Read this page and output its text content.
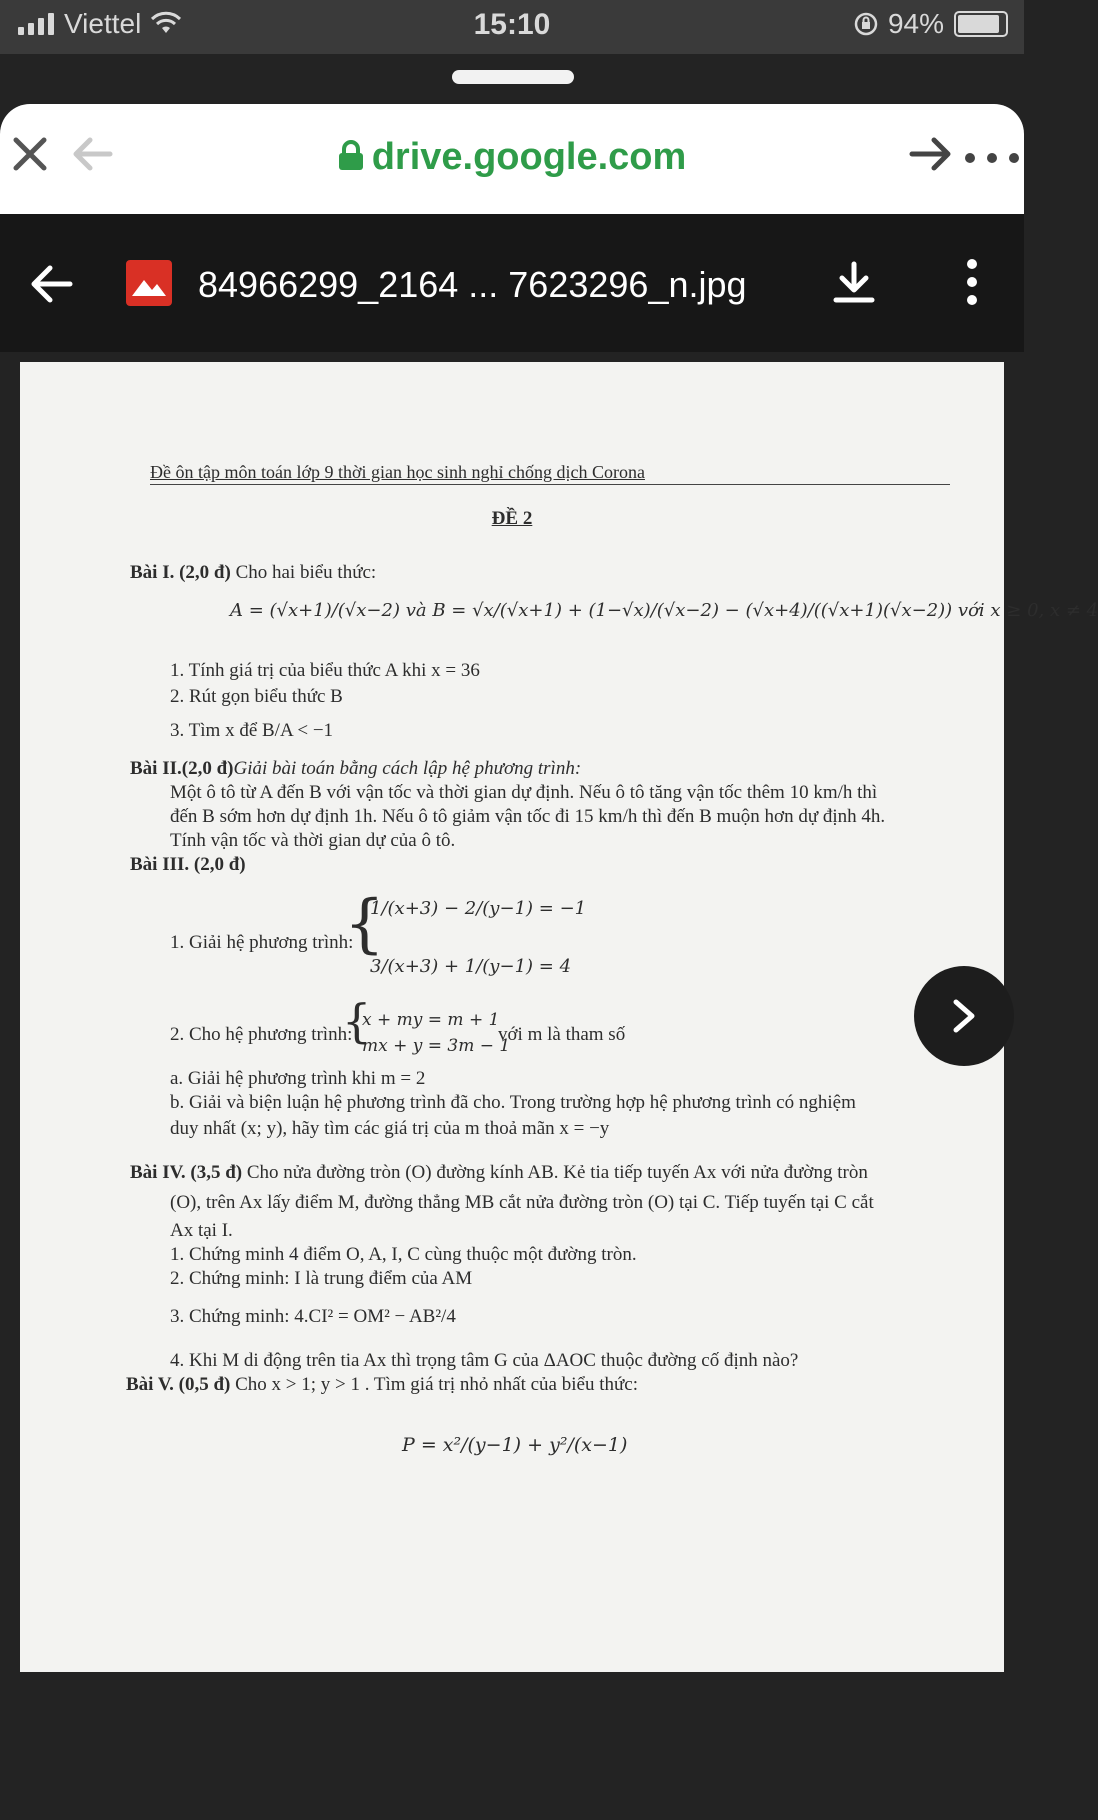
Viettel	15:10	94%
drive.google.com
84966299_2164 ... 7623296_n.jpg
Đề ôn tập môn toán lớp 9 thời gian học sinh nghỉ chống dịch Corona
ĐỀ 2
Bài I. (2,0 đ) Cho hai biểu thức:
A = (√x+1)/(√x−2) và B = √x/(√x+1) + (1−√x)/(√x−2) − (√x+4)/((√x+1)(√x−2)) với x ≥ 0, x ≠ 4
1. Tính giá trị của biểu thức A khi x = 36
2. Rút gọn biểu thức B
3. Tìm x để B/A < −1
Bài II.(2,0 đ)Giải bài toán bằng cách lập hệ phương trình:
Một ô tô từ A đến B với vận tốc và thời gian dự định. Nếu ô tô tăng vận tốc thêm 10 km/h thì
đến B sớm hơn dự định 1h. Nếu ô tô giảm vận tốc đi 15 km/h thì đến B muộn hơn dự định 4h.
Tính vận tốc và thời gian dự của ô tô.
Bài III. (2,0 đ)
1. Giải hệ phương trình:
{
1/(x+3) − 2/(y−1) = −1
3/(x+3) + 1/(y−1) = 4
2. Cho hệ phương trình:
{
x + my = m + 1
mx + y = 3m − 1
với m là tham số
a. Giải hệ phương trình khi m = 2
b. Giải và biện luận hệ phương trình đã cho. Trong trường hợp hệ phương trình có nghiệm
duy nhất (x; y), hãy tìm các giá trị của m thoả mãn x = −y
Bài IV. (3,5 đ) Cho nửa đường tròn (O) đường kính AB. Kẻ tia tiếp tuyến Ax với nửa đường tròn
(O), trên Ax lấy điểm M, đường thẳng MB cắt nửa đường tròn (O) tại C. Tiếp tuyến tại C cắt
Ax tại I.
1. Chứng minh 4 điểm O, A, I, C cùng thuộc một đường tròn.
2. Chứng minh: I là trung điểm của AM
3. Chứng minh: 4.CI² = OM² − AB²/4
4. Khi M di động trên tia Ax thì trọng tâm G của ΔAOC thuộc đường cố định nào?
Bài V. (0,5 đ) Cho x > 1; y > 1 . Tìm giá trị nhỏ nhất của biểu thức:
P = x²/(y−1) + y²/(x−1)
